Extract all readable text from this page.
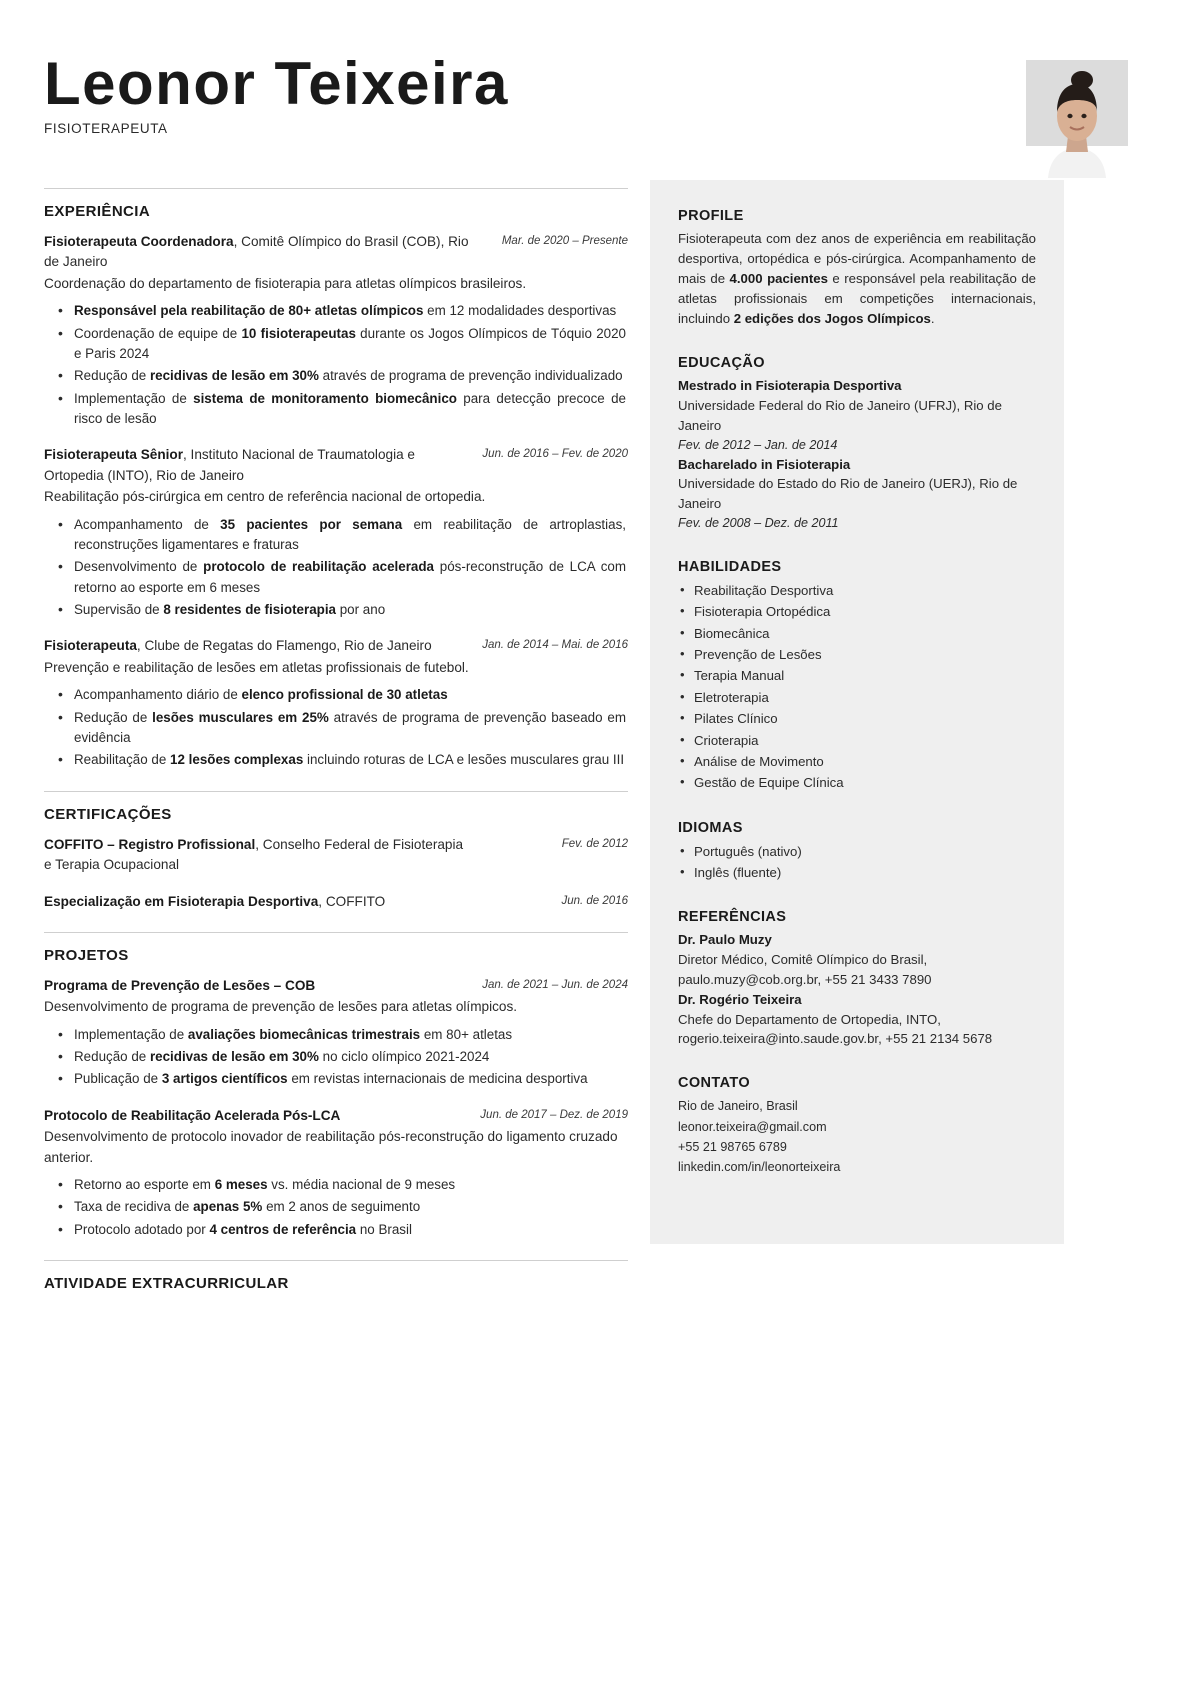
Leonor Teixeira
FISIOTERAPEUTA
EXPERIÊNCIA
Fisioterapeuta Coordenadora, Comitê Olímpico do Brasil (COB), Rio de Janeiro
Mar. de 2020 – Presente
Coordenação do departamento de fisioterapia para atletas olímpicos brasileiros.
• Responsável pela reabilitação de 80+ atletas olímpicos em 12 modalidades desportivas
• Coordenação de equipe de 10 fisioterapeutas durante os Jogos Olímpicos de Tóquio 2020 e Paris 2024
• Redução de recidivas de lesão em 30% através de programa de prevenção individualizado
• Implementação de sistema de monitoramento biomecânico para detecção precoce de risco de lesão
Fisioterapeuta Sênior, Instituto Nacional de Traumatologia e Ortopedia (INTO), Rio de Janeiro
Jun. de 2016 – Fev. de 2020
Reabilitação pós-cirúrgica em centro de referência nacional de ortopedia.
• Acompanhamento de 35 pacientes por semana em reabilitação de artroplastias, reconstruções ligamentares e fraturas
• Desenvolvimento de protocolo de reabilitação acelerada pós-reconstrução de LCA com retorno ao esporte em 6 meses
• Supervisão de 8 residentes de fisioterapia por ano
Fisioterapeuta, Clube de Regatas do Flamengo, Rio de Janeiro	Jan. de 2014 – Mai. de 2016
Prevenção e reabilitação de lesões em atletas profissionais de futebol.
• Acompanhamento diário de elenco profissional de 30 atletas
• Redução de lesões musculares em 25% através de programa de prevenção baseado em evidência
• Reabilitação de 12 lesões complexas incluindo roturas de LCA e lesões musculares grau III
CERTIFICAÇÕES
COFFITO – Registro Profissional, Conselho Federal de Fisioterapia e Terapia Ocupacional
Fev. de 2012
Especialização em Fisioterapia Desportiva, COFFITO	Jun. de 2016
PROJETOS
Programa de Prevenção de Lesões – COB	Jan. de 2021 – Jun. de 2024
Desenvolvimento de programa de prevenção de lesões para atletas olímpicos.
• Implementação de avaliações biomecânicas trimestrais em 80+ atletas
• Redução de recidivas de lesão em 30% no ciclo olímpico 2021-2024
• Publicação de 3 artigos científicos em revistas internacionais de medicina desportiva
Protocolo de Reabilitação Acelerada Pós-LCA	Jun. de 2017 – Dez. de 2019
Desenvolvimento de protocolo inovador de reabilitação pós-reconstrução do ligamento cruzado anterior.
• Retorno ao esporte em 6 meses vs. média nacional de 9 meses
• Taxa de recidiva de apenas 5% em 2 anos de seguimento
• Protocolo adotado por 4 centros de referência no Brasil
ATIVIDADE EXTRACURRICULAR
PROFILE
Fisioterapeuta com dez anos de experiência em reabilitação desportiva, ortopédica e pós-cirúrgica. Acompanhamento de mais de 4.000 pacientes e responsável pela reabilitação de atletas profissionais em competições internacionais, incluindo 2 edições dos Jogos Olímpicos.
EDUCAÇÃO
Mestrado in Fisioterapia Desportiva
Universidade Federal do Rio de Janeiro (UFRJ), Rio de Janeiro
Fev. de 2012 – Jan. de 2014
Bacharelado in Fisioterapia
Universidade do Estado do Rio de Janeiro (UERJ), Rio de Janeiro
Fev. de 2008 – Dez. de 2011
HABILIDADES
• Reabilitação Desportiva
• Fisioterapia Ortopédica
• Biomecânica
• Prevenção de Lesões
• Terapia Manual
• Eletroterapia
• Pilates Clínico
• Crioterapia
• Análise de Movimento
• Gestão de Equipe Clínica
IDIOMAS
• Português (nativo)
• Inglês (fluente)
REFERÊNCIAS
Dr. Paulo Muzy
Diretor Médico, Comitê Olímpico do Brasil,
paulo.muzy@cob.org.br, +55 21 3433 7890
Dr. Rogério Teixeira
Chefe do Departamento de Ortopedia, INTO,
rogerio.teixeira@into.saude.gov.br, +55 21 2134 5678
CONTATO
Rio de Janeiro, Brasil
leonor.teixeira@gmail.com
+55 21 98765 6789
linkedin.com/in/leonorteixeira
